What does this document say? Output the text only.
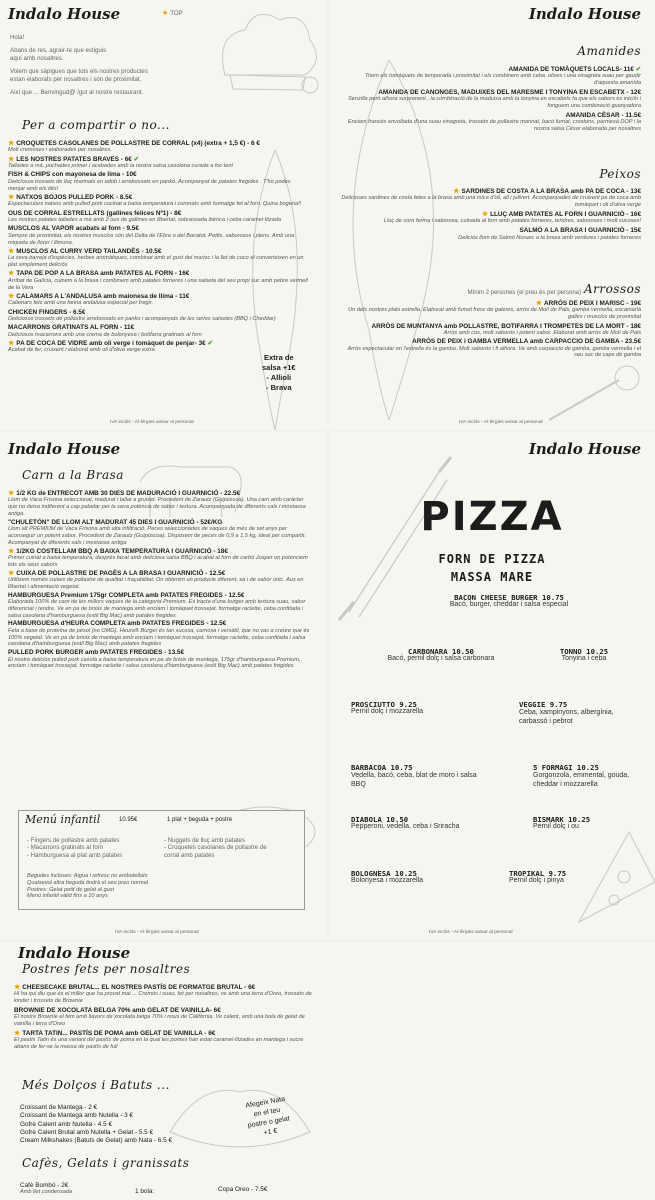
Indalo House	★ TOP
Hola!
Abans de res, agrair-te que estiguis
aquí amb nosaltres.
Volem que sàpigues que tots els nostres productes
estan elaborats per nosaltres i són de proximitat.
Així que ... Benvingud@ /gut al nostre restaurant.
Per a compartir o no...
★ CROQUETES CASOLANES DE POLLASTRE DE CORRAL (x4) (extra + 1,5 €) - 6 €
Molt cremoses i elaborades per nosaltres.
★ LES NOSTRES PATATES BRAVES - 6€ ✔
Tallades a mà, pochades primer i acabades amb la nostra salsa casolana curada a foc lent
FISH & CHIPS con mayonesa de lima - 10€
Deliciosos trossets de lluç marinats en adob i arrebossats en panko. Acompanyat de patates fregides . T'ho podes menjar amb els dits!
★ NATXOS BOJOS PULLED PORK - 8.5€
Espectaculars natxos amb pulled pork cocinat a baixa temperatura i coronats amb formatge fet al forn. Quina bogeria!!
OUS DE CORRAL ESTRELLATS (gallines felices Nº1) - 8€
Les nostres patates tallades a mà amb 2 ous de gallines en llibertat, sobrassada ibèrica i ceba caramel·litzada
MUSCLOS AL VAPOR acabats al forn - 9.5€
Sempre de proximitat, els nostres musclos són del Delta de l'Ebre o del Bocatot. Petits, saborosos i plens. Amb una miqueta de llorer i llimona.
★ MUSCLOS AL CURRY VERD TAILANDÈS - 10.5€
La seva barreja d'espècies, herbes aromàtiques, combinat amb el gust del marisc i la llet de coco el converteixen en un plat simplement deliciós
★ TAPA DE POP A LA BRASA amb PATATES AL FORN - 16€
Arribat de Galícia, cuinem a la brasa i combinem amb patates forneres i una salseta del seu propi suc amb pebre vermell de la Vera
★ CALAMARS A L'ANDALUSA amb maionesa de llima - 11€
Calamars fets amb una farina andalusa especial per fregir.
CHICKEN FINGERS - 6.5€
Deliciosos trossets de pollastre arrebossats en panko i acompanyats de les seves salsetes (BBQ i Cheddar)
MACARRONS GRATINATS AL FORN - 11€
Deliciosos macarrons amb una crema de bolonyesa i botifarra gratinats al forn
★ PA DE COCA DE VIDRE amb oli verge i tomàquet de penjar- 3€ ✔
Acabat de fer, cruixent i elaborat amb oli d'oliva verge extra.
Extra de
salsa +1€
- Allioli
- Brava
IVA inclós - Al·lèrgies avisar al personal
Indalo House
Amanides
AMANIDA DE TOMÀQUETS LOCALS- 11€ ✔
Triem els tomàquets de temporada i proximitat i els combinem amb ceba, olives i una vinagreta suau per gaudir d'aquesta amanida
AMANIDA DE CANONGES, MADUIXES DEL MARESME I TONYINA EN ESCABETX - 12€
Senzilla però alhora sorprenent , la combinació de la maduixa amb la tonyina en escabetx fa que els sabors es iniciïn i fonguem una combinació guanyadora
AMANIDA CÈSAR - 11.5€
Enciam francès envoltada d'una suau vinagreta, trossets de pollastre marinat, bacó fumat, crostons, parmesà DOP i la nostra salsa César elaborada per nosaltres
Peixos
★ SARDINES DE COSTA A LA BRASA amb PA DE COCA - 13€
Delicioses sardines de costa fetes a la brasa amb una mica d'oli, all i julivert. Acompanyades de cruixent pa de coca amb tomàquet i oli d'oliva verge
★ LLUÇ AMB PATATES AL FORN I GUARNICIÓ - 16€
Lluç de corn ferma i saborosa, cuinada al forn amb patates forneres, tendres, saboroses i molt sucoses!
SALMÓ A LA BRASA I GUARNICIÓ - 15€
Deliciós llom de Salmó Noruec a la brasa amb verdures i patates forneres
Arrossos
Mínim 2 persones (el preu és per persona)
★ ARRÒS DE PEIX I MARISC - 19€
Un dels nostres plats estrella. Elaborat amb fumet fresc de galeres, arròs de Molí de Pals, gamba vermella, escamarlà galles i musclos de proximitat
ARRÒS DE MUNTANYA amb POLLASTRE, BOTIFARRA I TROMPETES DE LA MORT - 18€
Arròs amb cos, molt saborós i potent sabor. Elaborat amb arròs de Molí de Pals
ARRÒS DE PEIX i GAMBA VERMELLA amb CARPACCIO DE GAMBA - 23.5€
Arròs espectacular on l'estrella és la gamba. Molt saborós i fi alhora. Ve amb carpaccio de gamba, gamba vermella i el seu suc de caps de gamba
IVA inclós - Al·lèrgies avisar al personal
Indalo House
Carn a la Brasa
★ 1/2 KG de ENTRECOT AMB 30 DIES DE MADURACIÓ I GUARNICIÓ - 22.5€
Llom de Vaca Frisona seleccionat, madurat i tallat a gruixet. Procedent de Zarautz (Guipúscoa). Una carn amb caràcter que no deixa indiferent a cap paladar per la seva potència de sabor i textura. Acompanyada de diferents cals i mostassa antiga.
"CHULETÓN" DE LLOM ALT MADURAT 45 DIES I GUARNICIÓ - 52€/KG
Llom alt PREMIUM de Vaca Frisona amb alta infiltració. Peces seleccionades de vaques de més de set anys per aconseguir un potent sabor. Procedent de Zarautz (Guipúscoa). Disposem de peces de 0,9 a 1,5 kg, ideal per compartir. Acompanyat de diferents sals i mostassa antiga
★ 1/2KG COSTELLAM BBQ A BAIXA TEMPERATURA I GUARNICIÓ - 18€
Primer cuinat a baixa temperatura, després facat amb deliciosa salsa BBQ i acabat al forn de carbó Josper on potenciem tots els seus sabors
★ CUIXA DE POLLASTRE DE PAGÈS A LA BRASA I GUARNICIÓ - 12.5€
Utilitzem només cuixes de pollastre de qualitat i traçabilitat. On obtenim un producte diferent, sa i de sabor únic. Aus en llibertat i alimentació vegetal.
HAMBURGUESA Premium 175gr COMPLETA amb PATATES FREGIDES - 12.5€
Elaborada 100% de carn de les millors vaques de la categoria Premium. Es tracta d'una burger amb textura suau, sabor diferenciat i tendre. Ve en pa de brioix de mantega amb enciam i tomàquet trossejat, formatge raclette, ceba confitada i salsa casolana d'hamburguesa (estil Big Mac) amb patates fregides
HAMBURGUESA d'HEURA COMPLETA amb PATATES FREGIDES - 12.5€
Feta a base de proteïna de pèsol (no OMG). Heura® Burger és tan sucosa, carnosa i versàtil, que no vas a creure que és 100% vegetal. Ve en pa de brioix de mantega amb enciam i tomàquet trossejat, formatge raclette, ceba confitada i salsa casolana d'hamburguesa (estil Big Mac) amb patates fregides
PULLED PORK BURGER amb PATATES FREGIDES - 13.5€
El nostre deliciós pulled pork casolà a baixa temperatura en pa de brioix de mantega, 175gr d'hamburguesa Premium, enciam i tomàquet trossejat, formatge raclette i salsa casolana d'hamburguesa (estil Big Mac) amb patates fregides
Menú infantil	10.95€	1 plat + beguda + postre
- Fingers de pollastre amb patates
- Macarrons gratinats al forn
- Hamburguesa al plat amb patates
- Nuggets de lluç amb patates
- Croquetes casolanes de pollastre de
corral amb patates
Begudes incloses: Aigua i refresc no embotellats
Qualsevol altra beguda tindrà el seu preu normal
Postres: Gelat petit de gelat al gust
Menú infantil vàlid fins a 10 anys
IVA inclós - Al·lèrgies avisar al personal
Indalo House
PIZZA
FORN DE PIZZA
MASSA MARE
BACON CHEESE BURGER 10.75
Bacó, burger, cheddar i salsa especial
CARBONARA 10.50
Bacó, pernil dolç i salsa carbonara
TONNO 10.25
Tonyina i ceba
PROSCIUTTO 9.25
Pernil dolç i mozzarella
VEGGIE 9.75
Ceba, xampinyons, albergínia, carbassó i pebrot
BARBACOA 10.75
Vedella, bacó, ceba, blat de moro i salsa BBQ
5 FORMAGI 10.25
Gorgonzola, emmental, gouda, cheddar i mozzarella
DIABOLA 10.50
Pepperoni, vedella, ceba i Sriracha
BISMARK 10.25
Pernil dolç i ou
BOLOGNESA 10.25
Bolonyesa i mozzarella
TROPIKAL 9.75
Pernil dolç i pinya
IVA inclós - Al·lèrgies avisar al personal
Indalo House
Postres fets per nosaltres
★ CHEESECAKE BRUTAL... EL NOSTRES PASTÍS DE FORMATGE BRUTAL - 6€
Hi ha qui diu que és el millor que ha provat mai ... Cremós i suau, fet per nosaltres, ve amb una terra d'Oreo, trossets de kinder i trossets de Brownie
BROWNIE DE XOCOLATA BELGA 70% amb GELAT DE VAINILLA- 6€
El nostre Brownie el fem amb llavors de xocolata belga 70% i nous de Califòrnia. Ve calent, amb una bola de gelat de vainilla i terra d'Oreo
★ TARTA TATIN... PASTÍS DE POMA amb GELAT DE VAINILLA - 6€
El pastís Tatin és una variant del pastís de poma en la qual les pomes han estat caramel·litzades en mantega i sucre abans de fer-se la massa de pastís de full
Més Dolços i Batuts ...
Croissant de Mantega - 2 €
Croissant de Mantega amb Nutella - 3 €
Gofre Calent amb Nutella - 4.5 €
Gofre Calent Brutal amb Nutella + Gelat - 5.5 €
Cream Milkshakes (Batuts de Gelat) amb Nata - 6.5 €
Afegeix Nata
en el teu
postre o gelat
+1 €
Cafès, Gelats i granissats
Cafè Bombó - 2€
Amb llet condensada	1 bola:	Copa Oreo - 7.5€
